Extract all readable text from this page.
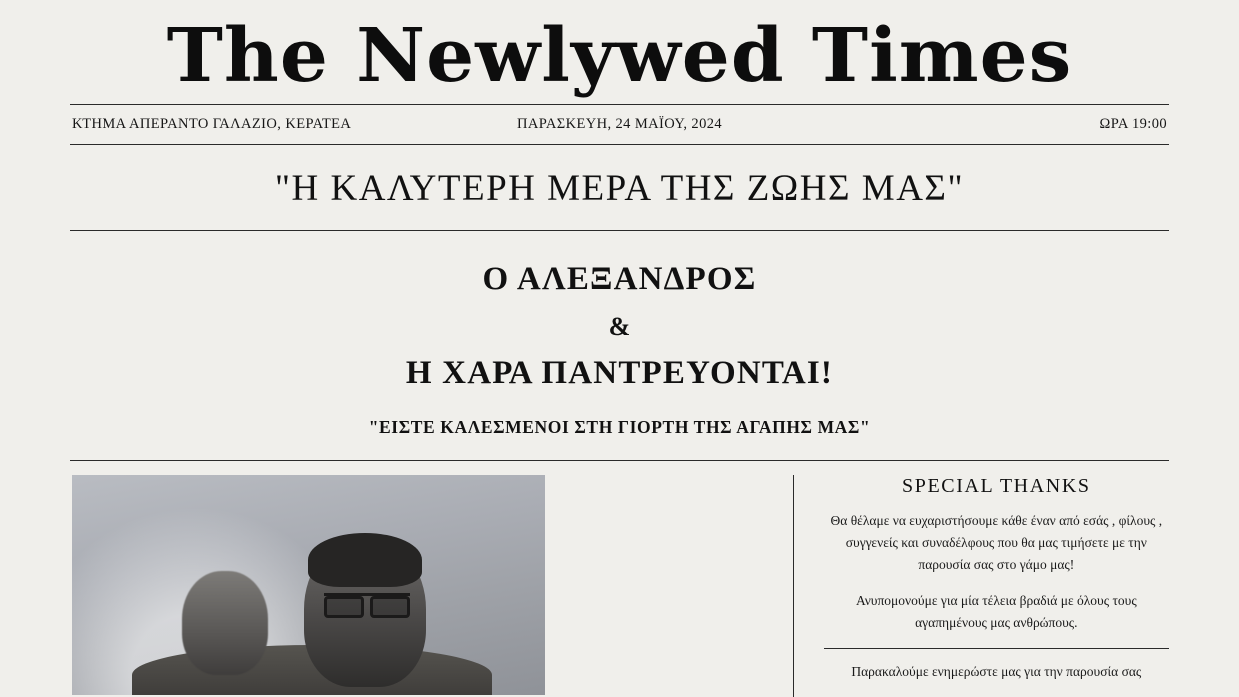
The Newlywed Times
ΚΤΗΜΑ ΑΠΕΡΑΝΤΟ ΓΑΛΑΖΙΟ, ΚΕΡΑΤΕΑ	ΠΑΡΑΣΚΕΥΗ, 24 ΜΑΪΟΥ, 2024	ΩΡΑ 19:00
"Η ΚΑΛΥΤΕΡΗ ΜΕΡΑ ΤΗΣ ΖΩΗΣ ΜΑΣ"
Ο ΑΛΕΞΑΝΔΡΟΣ
&
Η ΧΑΡΑ ΠΑΝΤΡΕΥΟΝΤΑΙ!
"ΕΙΣΤΕ ΚΑΛΕΣΜΕΝΟΙ ΣΤΗ ΓΙΟΡΤΗ ΤΗΣ ΑΓΑΠΗΣ ΜΑΣ"
SPECIAL THANKS

Θα θέλαμε να ευχαριστήσουμε κάθε έναν από εσάς , φίλους , συγγενείς και συναδέλφους που θα μας τιμήσετε με την παρουσία σας στο γάμο μας!

Ανυπομονούμε για μία τέλεια βραδιά με όλους τους αγαπημένους μας ανθρώπους.

Παρακαλούμε ενημερώστε μας για την παρουσία σας
